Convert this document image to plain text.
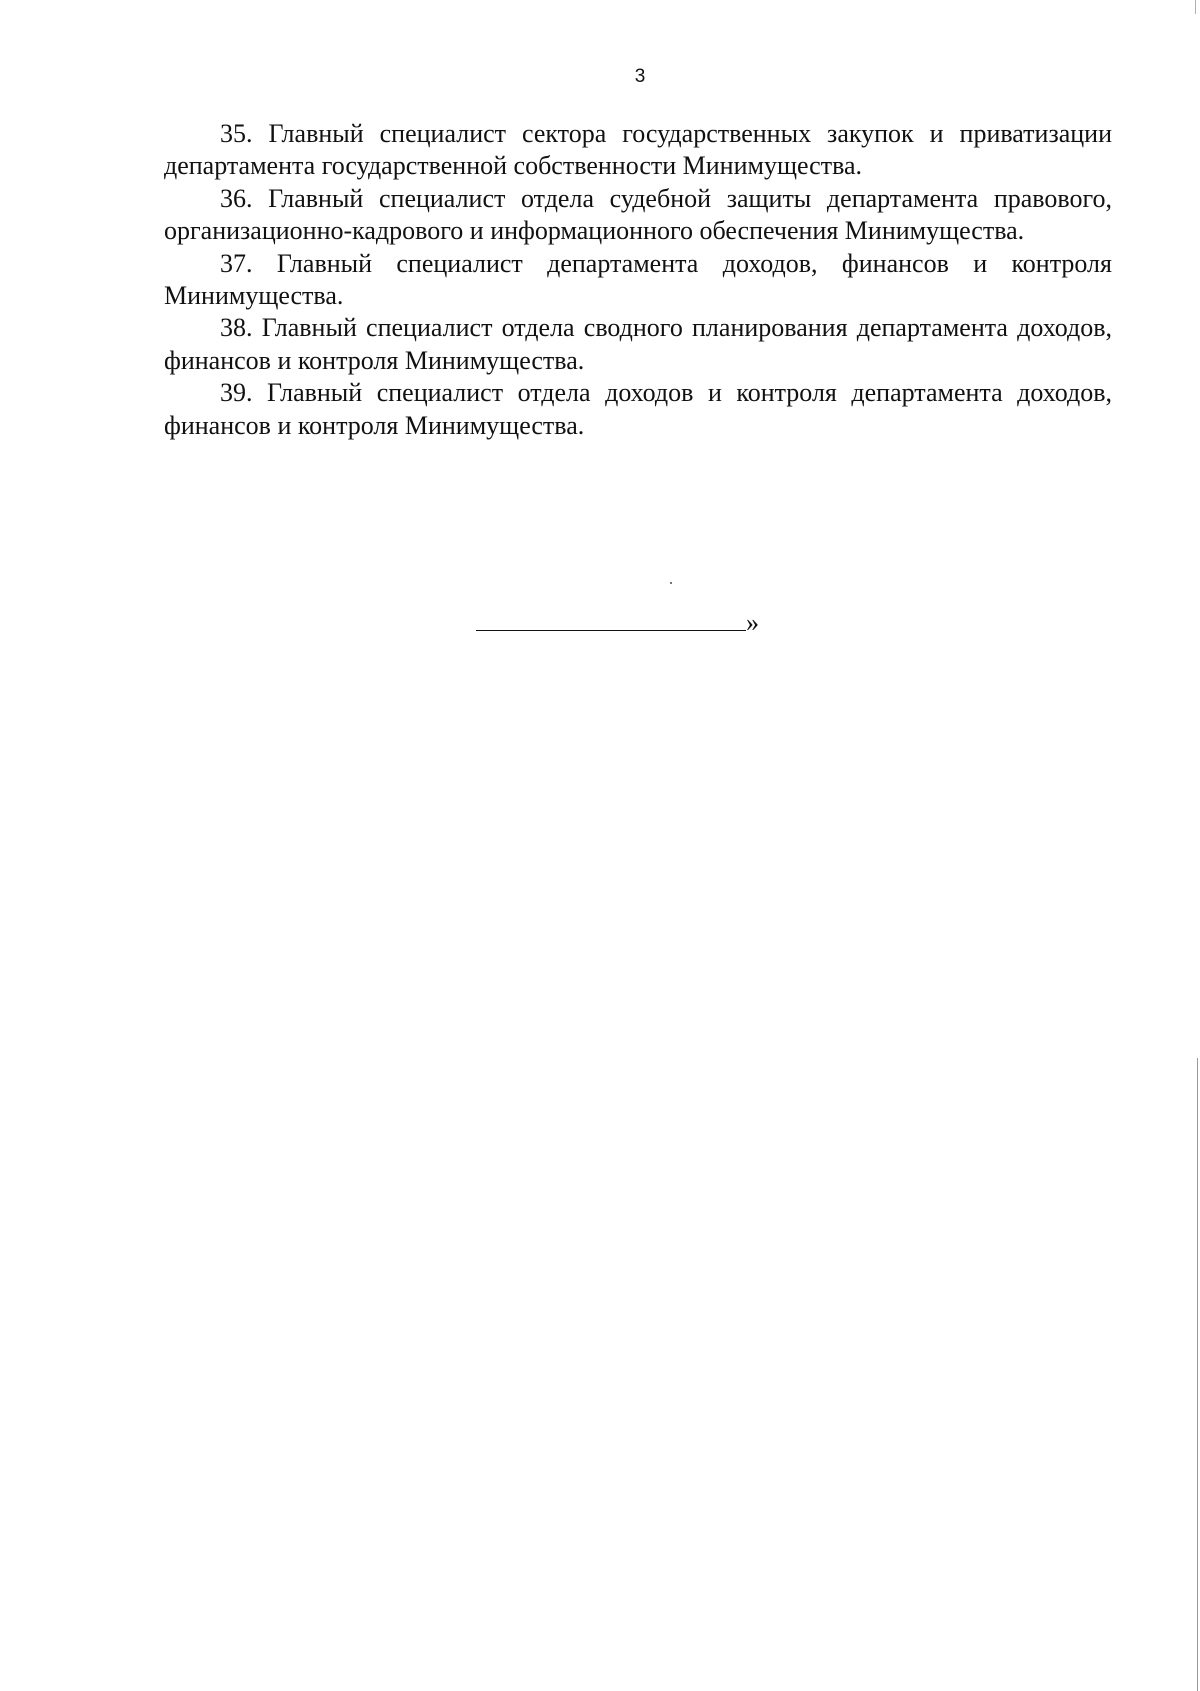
3

35. Главный специалист сектора государственных закупок и приватизации департамента государственной собственности Минимущества.

36. Главный специалист отдела судебной защиты департамента правового, организационно-кадрового и информационного обеспечения Минимущества.

37. Главный специалист департамента доходов, финансов и контроля Минимущества.

38. Главный специалист отдела сводного планирования департамента доходов, финансов и контроля Минимущества.

39. Главный специалист отдела доходов и контроля департамента доходов, финансов и контроля Минимущества.

»
